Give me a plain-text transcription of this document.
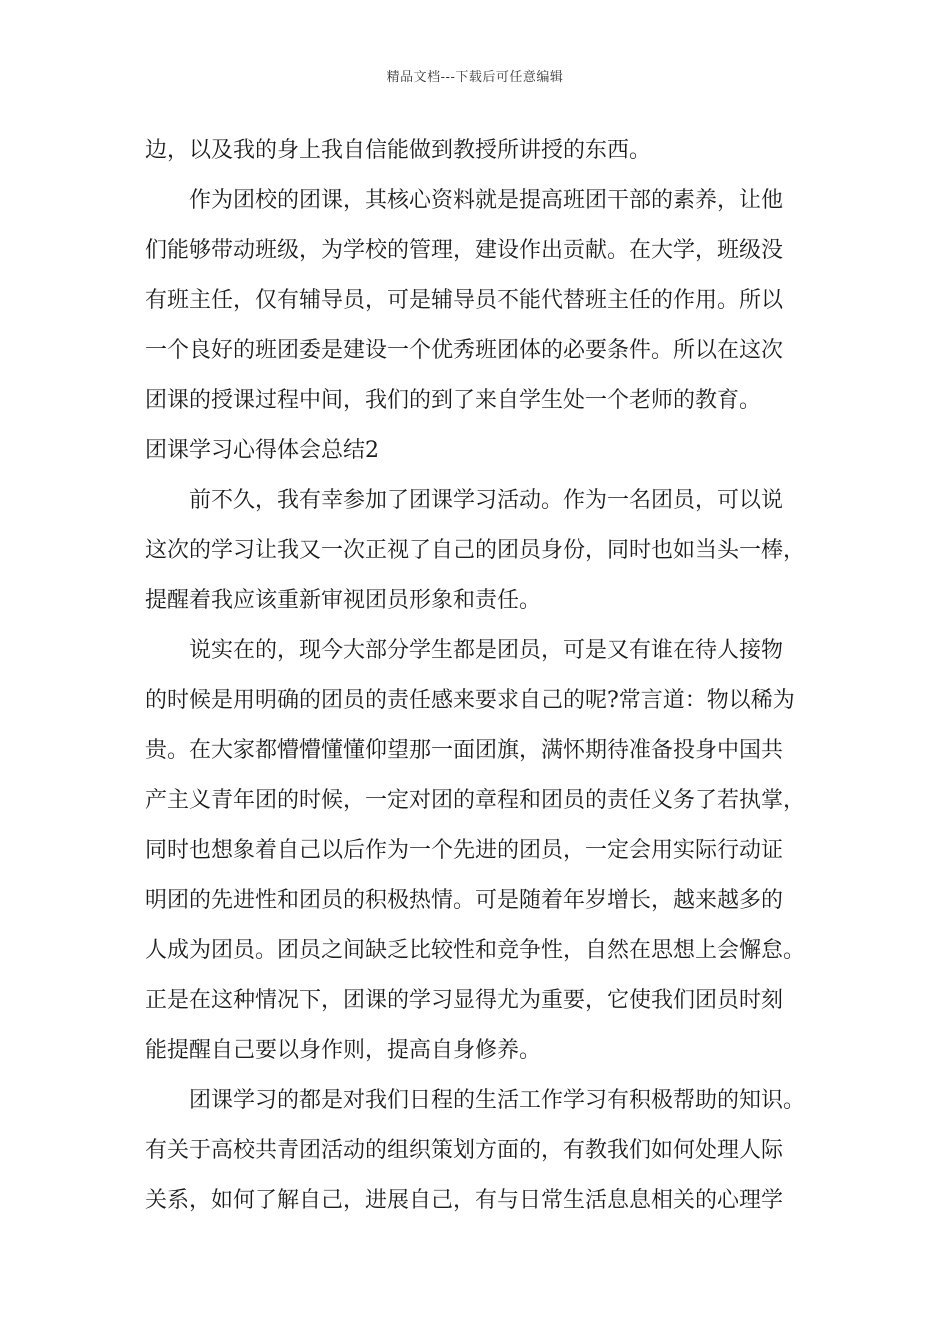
精品文档---下载后可任意编辑
边，以及我的身上我自信能做到教授所讲授的东西。
作为团校的团课，其核心资料就是提高班团干部的素养，让他
们能够带动班级，为学校的管理，建设作出贡献。在大学，班级没
有班主任，仅有辅导员，可是辅导员不能代替班主任的作用。所以
一个良好的班团委是建设一个优秀班团体的必要条件。所以在这次
团课的授课过程中间，我们的到了来自学生处一个老师的教育。
团课学习心得体会总结2
前不久，我有幸参加了团课学习活动。作为一名团员，可以说
这次的学习让我又一次正视了自己的团员身份，同时也如当头一棒，
提醒着我应该重新审视团员形象和责任。
说实在的，现今大部分学生都是团员，可是又有谁在待人接物
的时候是用明确的团员的责任感来要求自己的呢?常言道：物以稀为
贵。在大家都懵懵懂懂仰望那一面团旗，满怀期待准备投身中国共
产主义青年团的时候，一定对团的章程和团员的责任义务了若执掌，
同时也想象着自己以后作为一个先进的团员，一定会用实际行动证
明团的先进性和团员的积极热情。可是随着年岁增长，越来越多的
人成为团员。团员之间缺乏比较性和竞争性，自然在思想上会懈怠。
正是在这种情况下，团课的学习显得尤为重要，它使我们团员时刻
能提醒自己要以身作则，提高自身修养。
团课学习的都是对我们日程的生活工作学习有积极帮助的知识。
有关于高校共青团活动的组织策划方面的，有教我们如何处理人际
关系，如何了解自己，进展自己，有与日常生活息息相关的心理学
